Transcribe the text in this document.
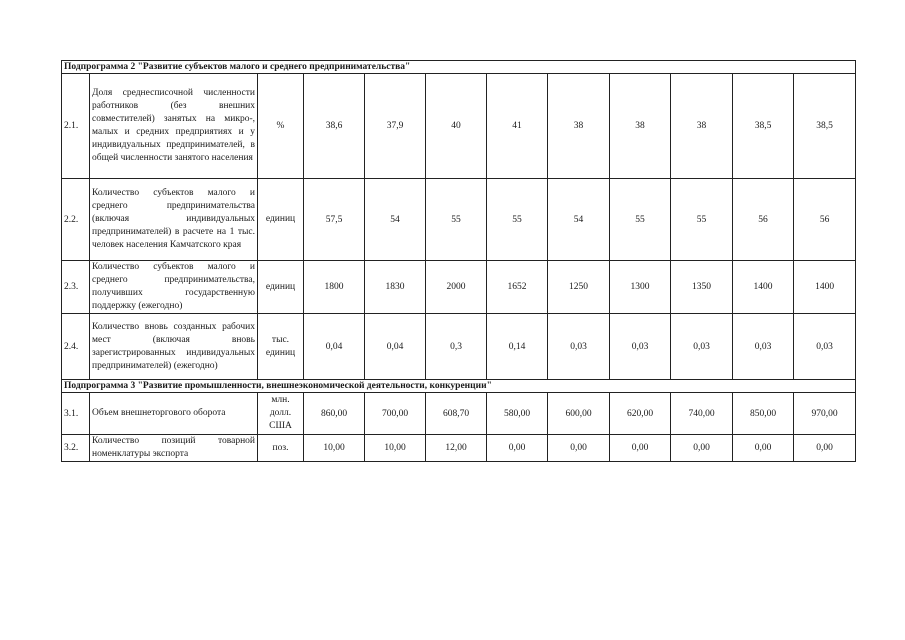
Подпрограмма 2 "Развитие субъектов малого и среднего предпринимательства"											
2.1.	Доля среднесписочной численности работников (без внешних совместителей) занятых на микро-, малых и средних предприятиях и у индивидуальных предпринимателей, в общей численности занятого населения	%	38,6	37,9	40	41	38	38	38	38,5	38,5
2.2.	Количество субъектов малого и среднего предпринимательства (включая индивидуальных предпринимателей) в расчете на 1 тыс. человек населения Камчатского края	единиц	57,5	54	55	55	54	55	55	56	56
2.3.	Количество субъектов малого и среднего предпринимательства, получивших государственную поддержку (ежегодно)	единиц	1800	1830	2000	1652	1250	1300	1350	1400	1400
2.4.	Количество вновь созданных рабочих мест (включая вновь зарегистрированных индивидуальных предпринимателей) (ежегодно)	тыс. единиц	0,04	0,04	0,3	0,14	0,03	0,03	0,03	0,03	0,03
Подпрограмма 3 "Развитие промышленности, внешнеэкономической деятельности, конкуренции"											
3.1.	Объем внешнеторгового оборота	млн. долл. США	860,00	700,00	608,70	580,00	600,00	620,00	740,00	850,00	970,00
3.2.	Количество позиций товарной номенклатуры экспорта	поз.	10,00	10,00	12,00	0,00	0,00	0,00	0,00	0,00	0,00
